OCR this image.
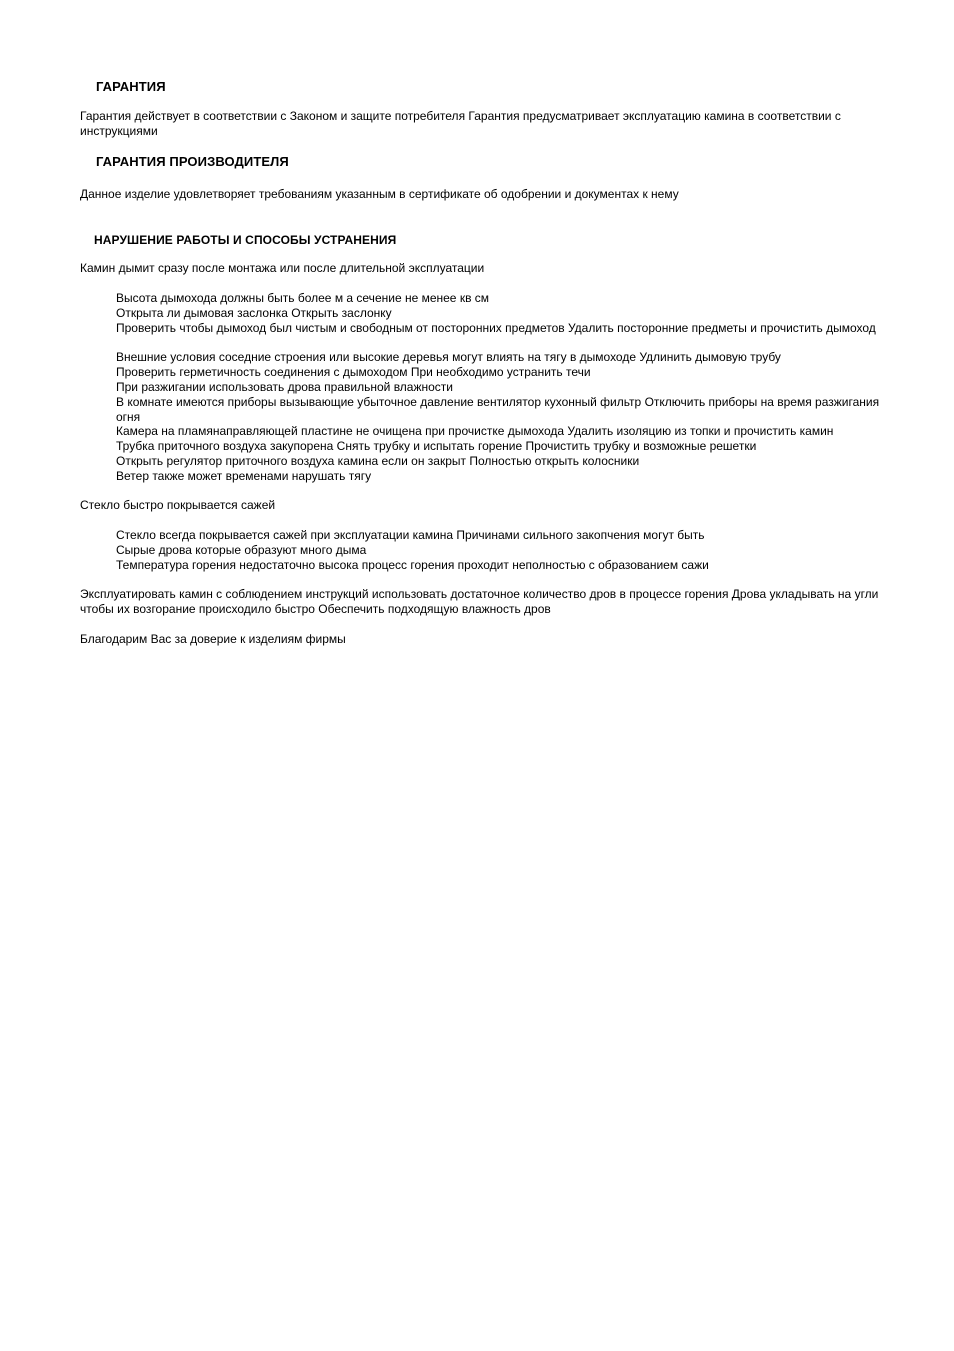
ГАРАНТИЯ
Гарантия действует в соответствии с Законом и защите потребителя Гарантия предусматривает эксплуатацию камина в соответствии с инструкциями
ГАРАНТИЯ ПРОИЗВОДИТЕЛЯ
Данное изделие удовлетворяет требованиям указанным в сертификате об одобрении и документах к нему
НАРУШЕНИЕ РАБОТЫ И СПОСОБЫ УСТРАНЕНИЯ
Камин дымит сразу после монтажа или после длительной эксплуатации
Высота дымохода должны быть более м а сечение не менее кв см
Открыта ли дымовая заслонка Открыть заслонку
Проверить чтобы дымоход был чистым и свободным от посторонних предметов Удалить посторонние предметы и прочистить дымоход
Внешние условия соседние строения или высокие деревья могут влиять на тягу в дымоходе Удлинить дымовую трубу
Проверить герметичность соединения с дымоходом При необходимо устранить течи
При разжигании использовать дрова правильной влажности
В комнате имеются приборы вызывающие убыточное давление вентилятор кухонный фильтр Отключить приборы на время разжигания огня
Камера на пламянаправляющей пластине не очищена при прочистке дымохода Удалить изоляцию из топки и прочистить камин
Трубка приточного воздуха закупорена Снять трубку и испытать горение Прочистить трубку и возможные решетки
Открыть регулятор приточного воздуха камина если он закрыт Полностью открыть колосники
Ветер также может временами нарушать тягу
Стекло быстро покрывается сажей
Стекло всегда покрывается сажей при эксплуатации камина Причинами сильного закопчения могут быть
Сырые дрова которые образуют много дыма
Температура горения недостаточно высока процесс горения проходит неполностью с образованием сажи
Эксплуатировать камин с соблюдением инструкций использовать достаточное количество дров в процессе горения Дрова укладывать на угли чтобы их возгорание происходило быстро Обеспечить подходящую влажность дров
Благодарим Вас за доверие к изделиям фирмы
